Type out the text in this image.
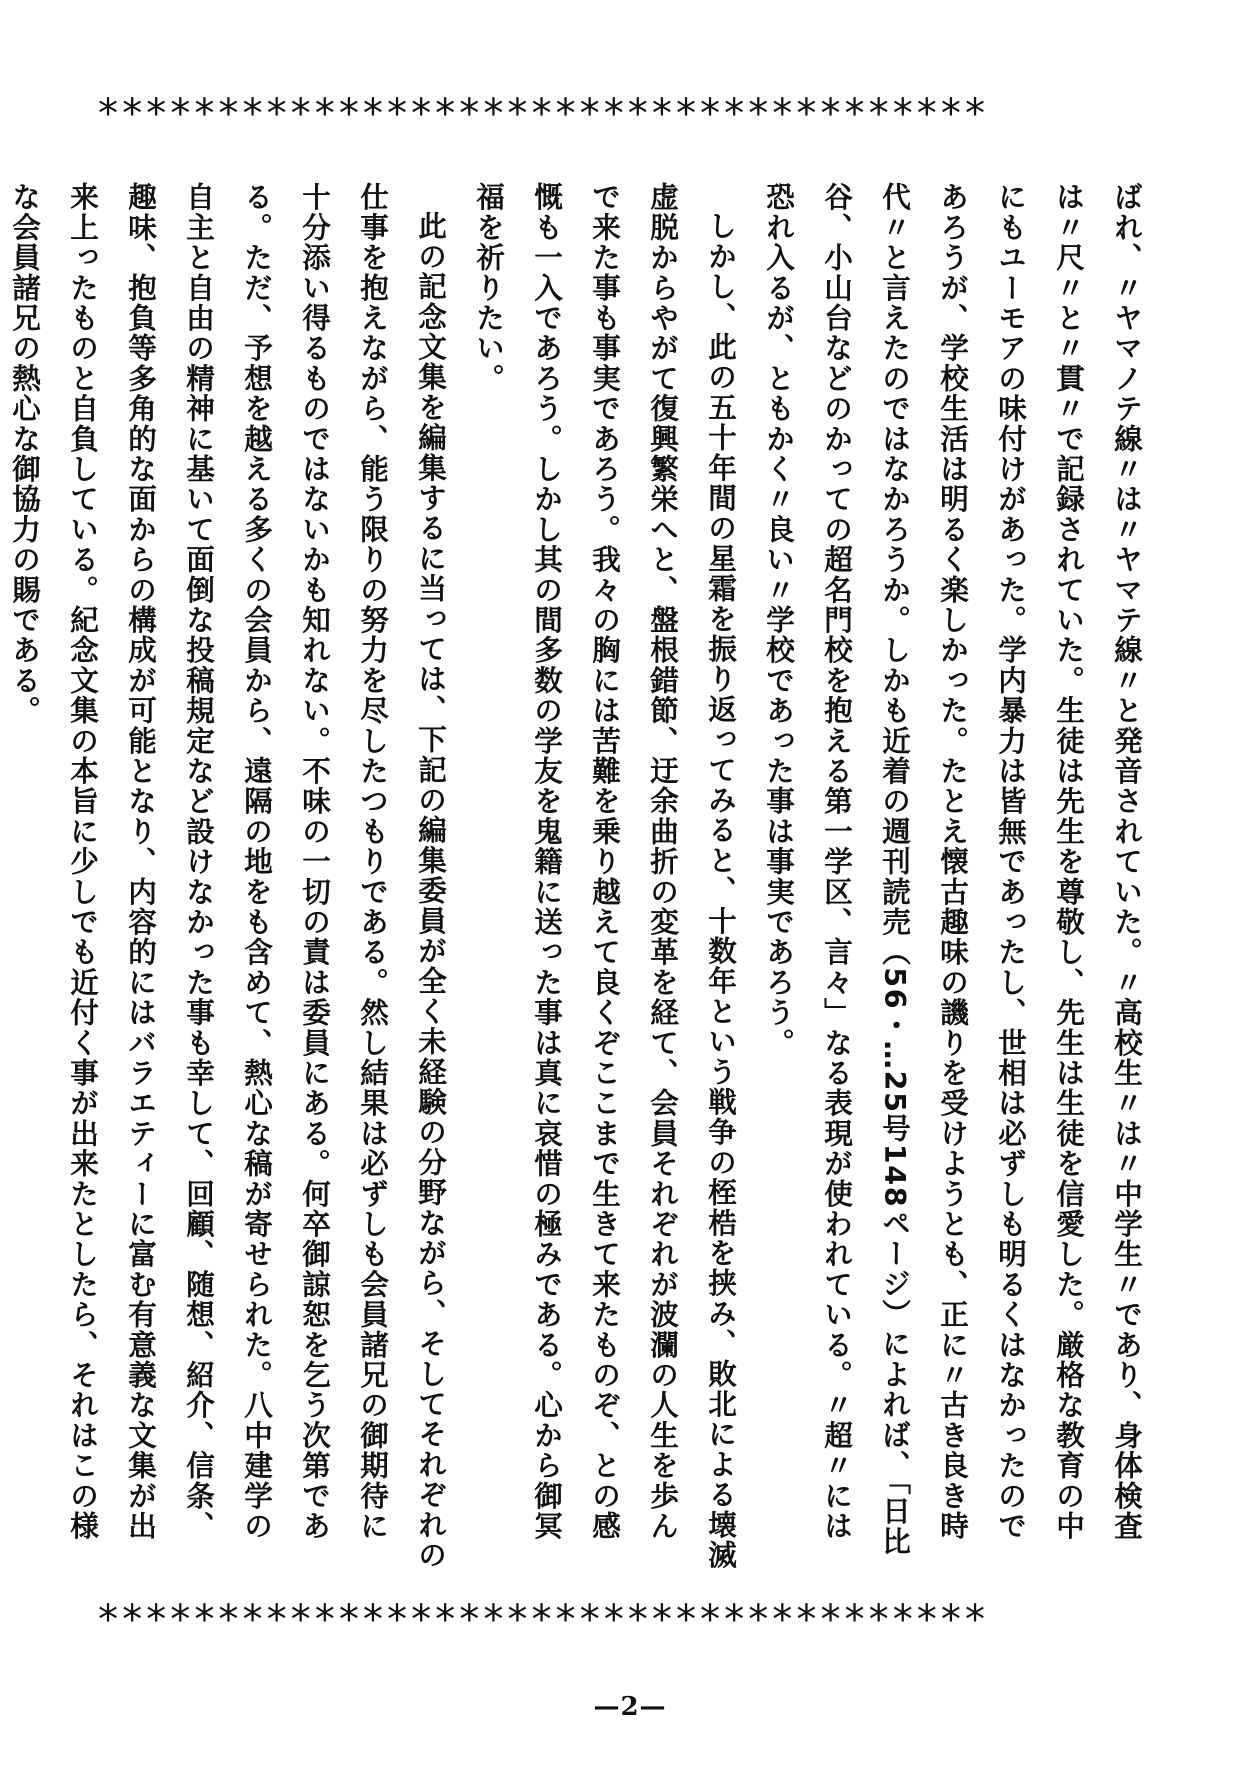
*************************************

ばれ、〃ヤマノテ線〃は〃ヤマテ線〃と発音されていた。〃高校生〃は〃中学生〃であり、身体検査は〃尺〃と〃貫〃で記録されていた。生徒は先生を尊敬し、先生は生徒を信愛した。厳格な教育の中にもユーモアの味付けがあった。学内暴力は皆無であったし、世相は必ずしも明るくはなかったのであろうが、学校生活は明るく楽しかった。たとえ懐古趣味の譏りを受けようとも、正に〃古き良き時代〃と言えたのではなかろうか。しかも近着の週刊読売（56・…25号148ページ）によれば、「日比谷、小山台などのかっての超名門校を抱える第一学区、言々」なる表現が使われている。〃超〃には恐れ入るが、ともかく〃良い〃学校であった事は事実であろう。

しかし、此の五十年間の星霜を振り返ってみると、十数年という戦争の桎梏を挟み、敗北による壊滅虚脱からやがて復興繁栄へと、盤根錯節、迂余曲折の変革を経て、会員それぞれが波瀾の人生を歩んで来た事も事実であろう。我々の胸には苦難を乗り越えて良くぞここまで生きて来たものぞ、との感慨も一入であろう。しかし其の間多数の学友を鬼籍に送った事は真に哀惜の極みである。心から御冥福を祈りたい。

此の記念文集を編集するに当っては、下記の編集委員が全く未経験の分野ながら、そしてそれぞれの仕事を抱えながら、能う限りの努力を尽したつもりである。然し結果は必ずしも会員諸兄の御期待に十分添い得るものではないかも知れない。不味の一切の責は委員にある。何卒御諒恕を乞う次第である。ただ、予想を越える多くの会員から、遠隔の地をも含めて、熱心な稿が寄せられた。八中建学の自主と自由の精神に基いて面倒な投稿規定など設けなかった事も幸して、回顧、随想、紹介、信条、趣味、抱負等多角的な面からの構成が可能となり、内容的にはバラエティーに富む有意義な文集が出来上ったものと自負している。紀念文集の本旨に少しでも近付く事が出来たとしたら、それはこの様な会員諸兄の熱心な御協力の賜である。

*************************************
—2—
